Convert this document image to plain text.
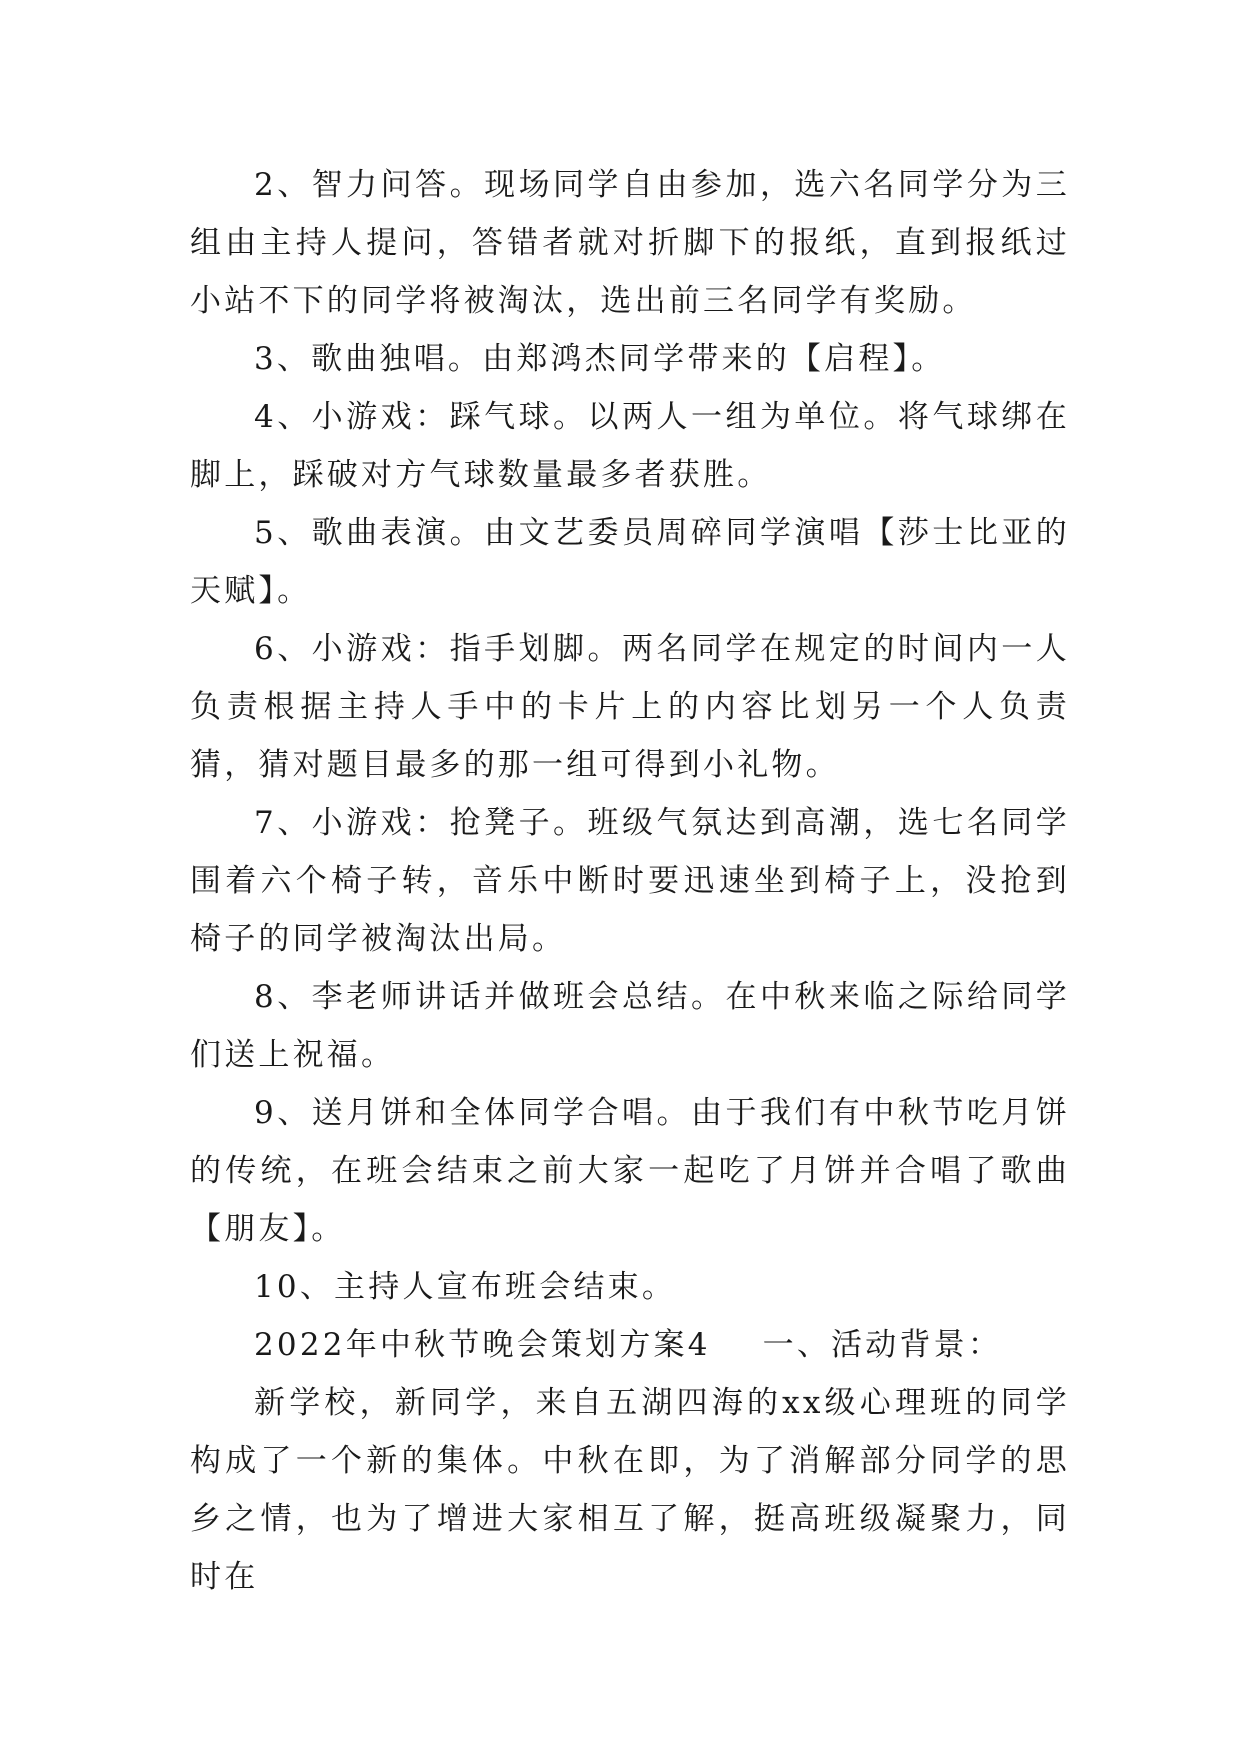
2、智力问答。现场同学自由参加，选六名同学分为三组由主持人提问，答错者就对折脚下的报纸，直到报纸过小站不下的同学将被淘汰，选出前三名同学有奖励。

3、歌曲独唱。由郑鸿杰同学带来的【启程】。

4、小游戏：踩气球。以两人一组为单位。将气球绑在脚上，踩破对方气球数量最多者获胜。

5、歌曲表演。由文艺委员周碎同学演唱【莎士比亚的天赋】。

6、小游戏：指手划脚。两名同学在规定的时间内一人负责根据主持人手中的卡片上的内容比划另一个人负责猜，猜对题目最多的那一组可得到小礼物。

7、小游戏：抢凳子。班级气氛达到高潮，选七名同学围着六个椅子转，音乐中断时要迅速坐到椅子上，没抢到椅子的同学被淘汰出局。

8、李老师讲话并做班会总结。在中秋来临之际给同学们送上祝福。

9、送月饼和全体同学合唱。由于我们有中秋节吃月饼的传统，在班会结束之前大家一起吃了月饼并合唱了歌曲【朋友】。

10、主持人宣布班会结束。

2022年中秋节晚会策划方案4 一、活动背景：

新学校，新同学，来自五湖四海的xx级心理班的同学构成了一个新的集体。中秋在即，为了消解部分同学的思乡之情，也为了增进大家相互了解，挺高班级凝聚力，同时在
